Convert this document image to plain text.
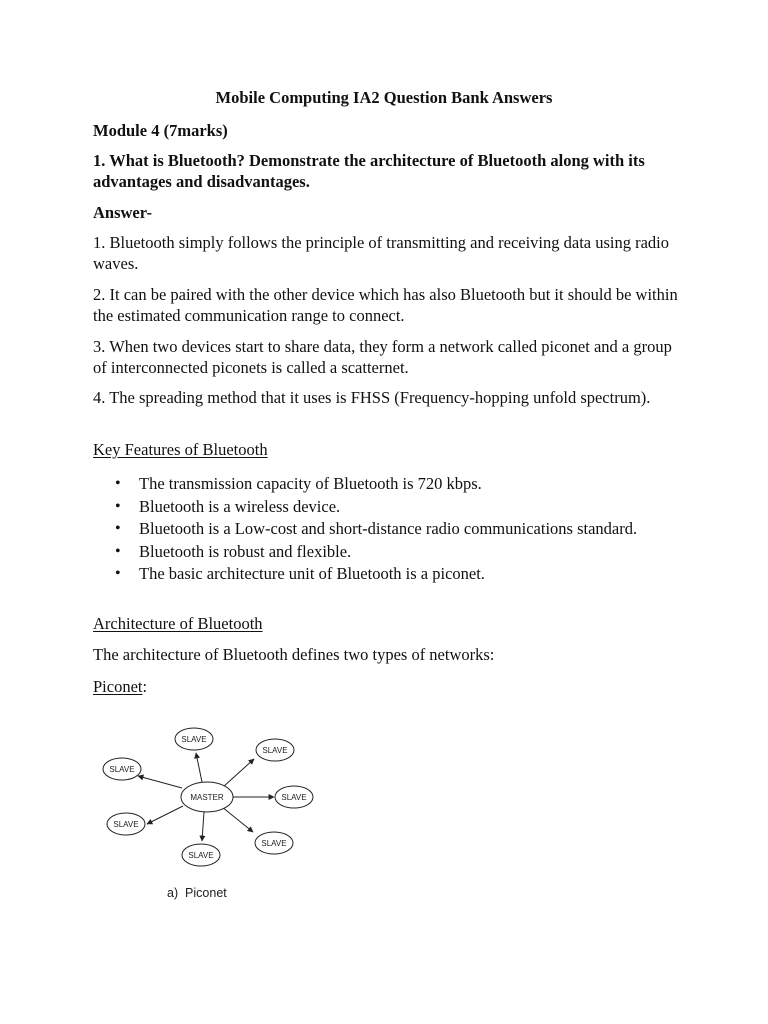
Mobile Computing IA2 Question Bank Answers
Module 4 (7marks)
1. What is Bluetooth? Demonstrate the architecture of Bluetooth along with its advantages and disadvantages.
Answer-

1. Bluetooth simply follows the principle of transmitting and receiving data using radio waves.

2. It can be paired with the other device which has also Bluetooth but it should be within the estimated communication range to connect.

3. When two devices start to share data, they form a network called piconet and a group of interconnected piconets is called a scatternet.

4. The spreading method that it uses is FHSS (Frequency-hopping unfold spectrum).

Key Features of Bluetooth
• The transmission capacity of Bluetooth is 720 kbps.
• Bluetooth is a wireless device.
• Bluetooth is a Low-cost and short-distance radio communications standard.
• Bluetooth is robust and flexible.
• The basic architecture unit of Bluetooth is a piconet.
Architecture of Bluetooth
The architecture of Bluetooth defines two types of networks:
Piconet:
MASTER
SLAVE
SLAVE
SLAVE
SLAVE
SLAVE
SLAVE
SLAVE
a)  Piconet
